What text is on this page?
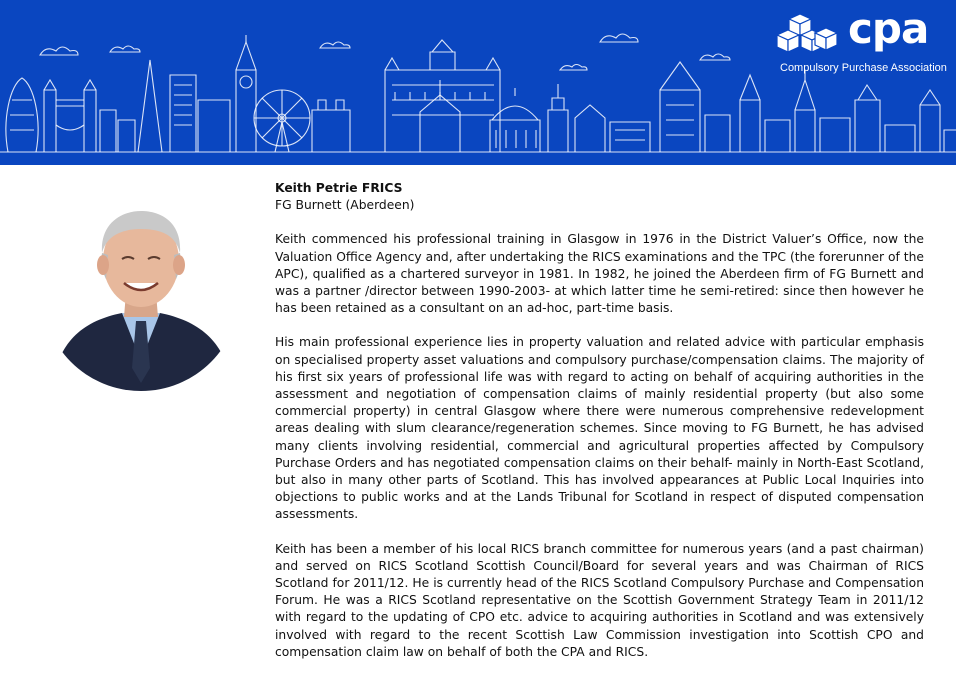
cpa
Compulsory Purchase Association

Keith Petrie FRICS

FG Burnett (Aberdeen)

Keith commenced his professional training in Glasgow in 1976 in the District Valuer’s Office, now the Valuation Office Agency and, after undertaking the RICS examinations and the TPC (the forerunner of the APC), qualified as a chartered surveyor in 1981. In 1982, he joined the Aberdeen firm of FG Burnett and was a partner /director between 1990-2003- at which latter time he semi-retired: since then however he has been retained as a consultant on an ad-hoc, part-time basis.

His main professional experience lies in property valuation and related advice with particular emphasis on specialised property asset valuations and compulsory purchase/compensation claims. The majority of his first six years of professional life was with regard to acting on behalf of acquiring authorities in the assessment and negotiation of compensation claims of mainly residential property (but also some commercial property) in central Glasgow where there were numerous comprehensive redevelopment areas dealing with slum clearance/regeneration schemes. Since moving to FG Burnett, he has advised many clients involving residential, commercial and agricultural properties affected by Compulsory Purchase Orders and has negotiated compensation claims on their behalf- mainly in North-East Scotland, but also in many other parts of Scotland. This has involved appearances at Public Local Inquiries into objections to public works and at the Lands Tribunal for Scotland in respect of disputed compensation assessments.

Keith has been a member of his local RICS branch committee for numerous years (and a past chairman) and served on RICS Scotland Scottish Council/Board for several years and was Chairman of RICS Scotland for 2011/12. He is currently head of the RICS Scotland Compulsory Purchase and Compensation Forum. He was a RICS Scotland representative on the Scottish Government Strategy Team in 2011/12 with regard to the updating of CPO etc. advice to acquiring authorities in Scotland and was extensively involved with regard to the recent Scottish Law Commission investigation into Scottish CPO and compensation claim law on behalf of both the CPA and RICS.
